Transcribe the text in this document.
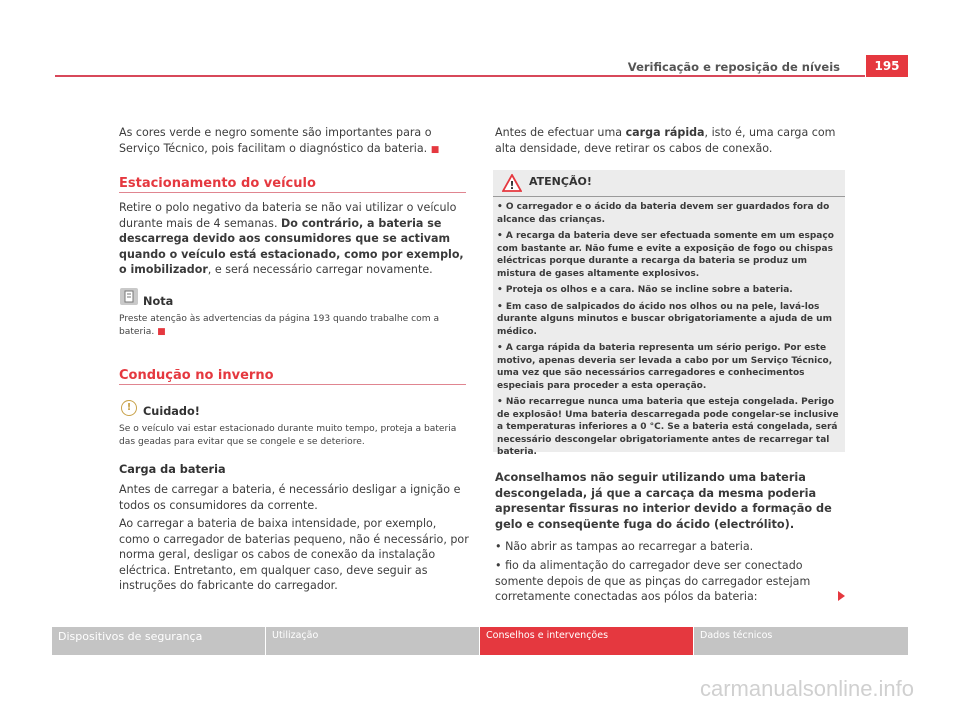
Verificação e reposição de níveis	195
As cores verde e negro somente são importantes para o Serviço Técnico, pois facilitam o diagnóstico da bateria. ■
Estacionamento do veículo
Retire o polo negativo da bateria se não vai utilizar o veículo durante mais de 4 semanas. Do contrário, a bateria se descarrega devido aos consumidores que se activam quando o veículo está estacionado, como por exemplo, o imobilizador, e será necessário carregar novamente.
Nota
Preste atenção às advertencias da página 193 quando trabalhe com a bateria. ■
Condução no inverno
!	Cuidado!
Se o veículo vai estar estacionado durante muito tempo, proteja a bateria das geadas para evitar que se congele e se deteriore.
Carga da bateria
Antes de carregar a bateria, é necessário desligar a ignição e todos os consumidores da corrente.
Ao carregar a bateria de baixa intensidade, por exemplo, como o carregador de baterias pequeno, não é necessário, por norma geral, desligar os cabos de conexão da instalação eléctrica. Entretanto, em qualquer caso, deve seguir as instruções do fabricante do carregador.
Antes de efectuar uma carga rápida, isto é, uma carga com alta densidade, deve retirar os cabos de conexão.
! ATENÇÃO!

• O carregador e o ácido da bateria devem ser guardados fora do alcance das crianças.

• A recarga da bateria deve ser efectuada somente em um espaço com bastante ar. Não fume e evite a exposição de fogo ou chispas eléctricas porque durante a recarga da bateria se produz um mistura de gases altamente explosivos.

• Proteja os olhos e a cara. Não se incline sobre a bateria.

• Em caso de salpicados do ácido nos olhos ou na pele, lavá-los durante alguns minutos e buscar obrigatoriamente a ajuda de um médico.

• A carga rápida da bateria representa um sério perigo. Por este motivo, apenas deveria ser levada a cabo por um Serviço Técnico, uma vez que são necessários carregadores e conhecimentos especiais para proceder a esta operação.

• Não recarregue nunca uma bateria que esteja congelada. Perigo de explosão! Uma bateria descarregada pode congelar-se inclusive a temperaturas inferiores a 0 °C. Se a bateria está congelada, será necessário descongelar obrigatoriamente antes de recarregar tal bateria.

Aconselhamos não seguir utilizando uma bateria descongelada, já que a carcaça da mesma poderia apresentar fissuras no interior devido a formação de gelo e conseqüente fuga do ácido (electrólito).
• Não abrir as tampas ao recarregar a bateria.
• fio da alimentação do carregador deve ser conectado somente depois de que as pinças do carregador estejam corretamente conectadas aos pólos da bateria:
Dispositivos de segurança	Utilização	Conselhos e intervenções	Dados técnicos
carmanualsonline.info
